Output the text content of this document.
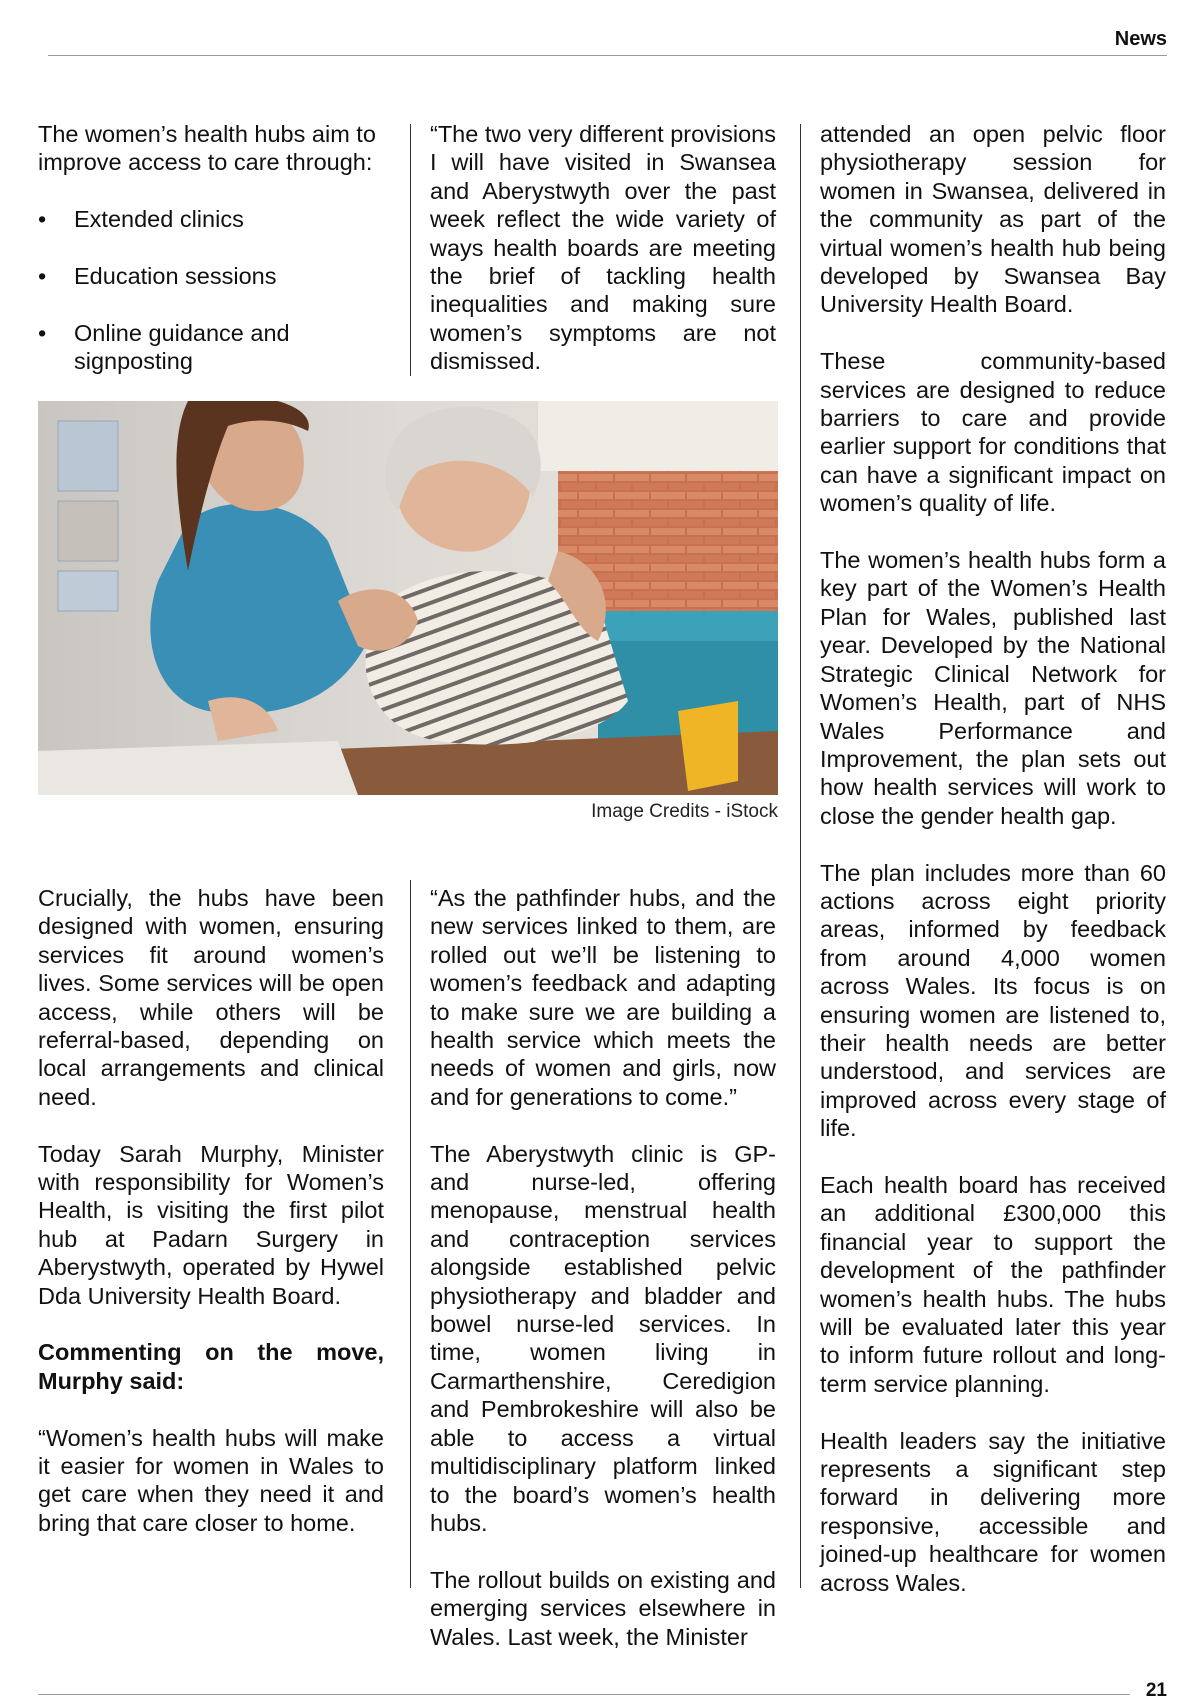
News

The women’s health hubs aim to improve access to care through:

• Extended clinics
• Education sessions
• Online guidance and signposting

“The two very different provisions I will have visited in Swansea and Aberystwyth over the past week reflect the wide variety of ways health boards are meeting the brief of tackling health inequalities and making sure women’s symptoms are not dismissed.

Image Credits - iStock

Crucially, the hubs have been designed with women, ensuring services fit around women’s lives. Some services will be open access, while others will be referral-based, depending on local arrangements and clinical need.

Today Sarah Murphy, Minister with responsibility for Women’s Health, is visiting the first pilot hub at Padarn Surgery in Aberystwyth, operated by Hywel Dda University Health Board.

Commenting on the move, Murphy said:

“Women’s health hubs will make it easier for women in Wales to get care when they need it and bring that care closer to home.

“As the pathfinder hubs, and the new services linked to them, are rolled out we’ll be listening to women’s feedback and adapting to make sure we are building a health service which meets the needs of women and girls, now and for generations to come.”

The Aberystwyth clinic is GP- and nurse-led, offering menopause, menstrual health and contraception services alongside established pelvic physiotherapy and bladder and bowel nurse-led services. In time, women living in Carmarthenshire, Ceredigion and Pembrokeshire will also be able to access a virtual multidisciplinary platform linked to the board’s women’s health hubs.

The rollout builds on existing and emerging services elsewhere in Wales. Last week, the Minister

attended an open pelvic floor physiotherapy session for women in Swansea, delivered in the community as part of the virtual women’s health hub being developed by Swansea Bay University Health Board.

These community-based services are designed to reduce barriers to care and provide earlier support for conditions that can have a significant impact on women’s quality of life.

The women’s health hubs form a key part of the Women’s Health Plan for Wales, published last year. Developed by the National Strategic Clinical Network for Women’s Health, part of NHS Wales Performance and Improvement, the plan sets out how health services will work to close the gender health gap.

The plan includes more than 60 actions across eight priority areas, informed by feedback from around 4,000 women across Wales. Its focus is on ensuring women are listened to, their health needs are better understood, and services are improved across every stage of life.

Each health board has received an additional £300,000 this financial year to support the development of the pathfinder women’s health hubs. The hubs will be evaluated later this year to inform future rollout and long-term service planning.

Health leaders say the initiative represents a significant step forward in delivering more responsive, accessible and joined-up healthcare for women across Wales.

21
